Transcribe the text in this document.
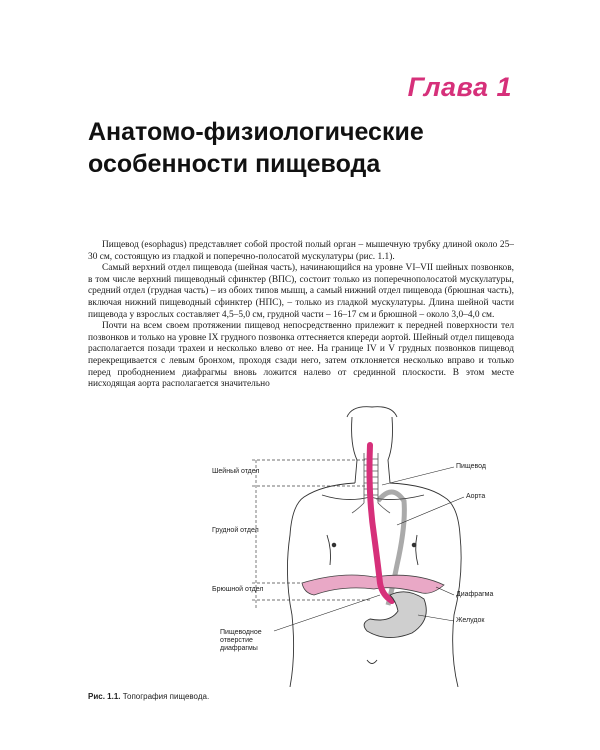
Глава 1
Анатомо-физиологические
особенности пищевода

Пищевод (esophagus) представляет собой простой полый орган – мышечную трубку длиной около 25–30 см, состоящую из гладкой и поперечно-полосатой мускулатуры (рис. 1.1).

Самый верхний отдел пищевода (шейная часть), начинающийся на уровне VI–VII шейных позвонков, в том числе верхний пищеводный сфинктер (ВПС), состоит только из поперечнополосатой мускулатуры, средний отдел (грудная часть) – из обоих типов мышц, а самый нижний отдел пищевода (брюшная часть), включая нижний пищеводный сфинктер (НПС), – только из гладкой мускулатуры. Длина шейной части пищевода у взрослых составляет 4,5–5,0 см, грудной части – 16–17 см и брюшной – около 3,0–4,0 см.

Почти на всем своем протяжении пищевод непосредственно прилежит к передней поверхности тел позвонков и только на уровне IX грудного позвонка оттесняется кпереди аортой. Шейный отдел пищевода располагается позади трахеи и несколько влево от нее. На границе IV и V грудных позвонков пищевод перекрещивается с левым бронхом, проходя сзади него, затем отклоняется несколько вправо и только перед прободнением диафрагмы вновь ложится налево от срединной плоскости. В этом месте нисходящая аорта располагается значительно

Шейный отдел
Грудной отдел
Брюшной отдел
Пищеводное отверстие диафрагмы
Пищевод
Аорта
Диафрагма
Желудок
Рис. 1.1. Топография пищевода.
